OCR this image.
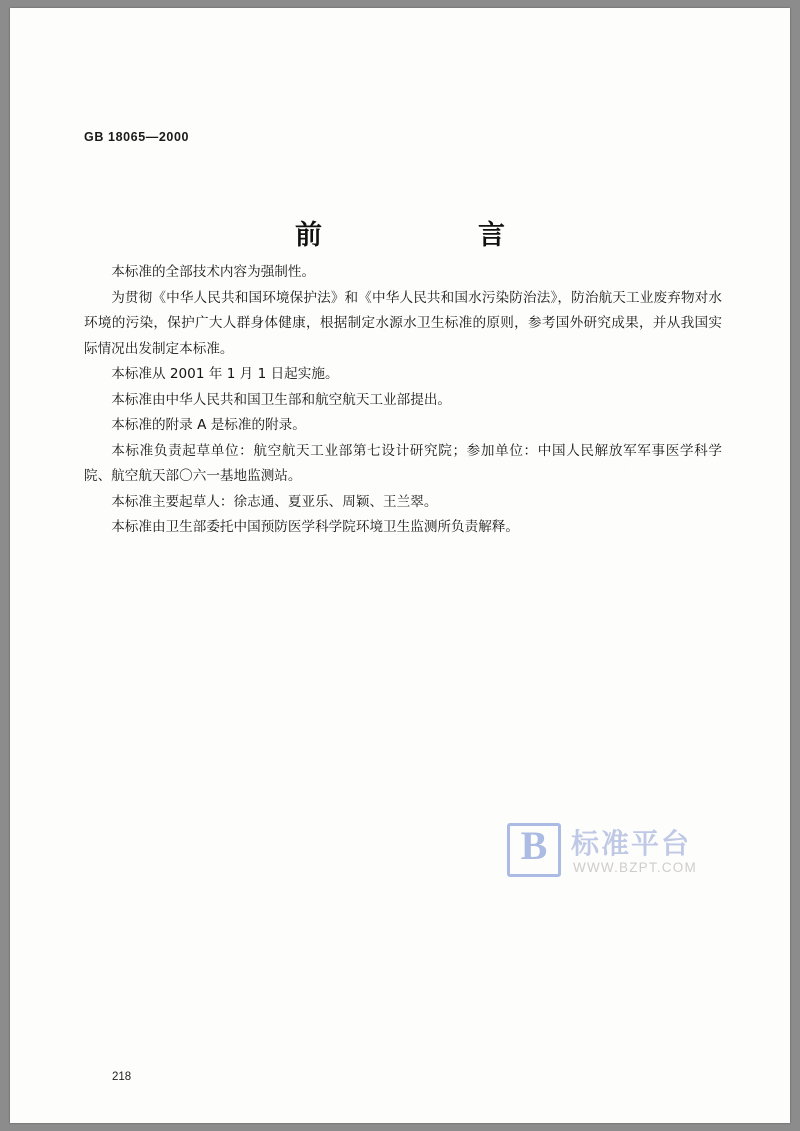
GB 18065—2000
前　　言

本标准的全部技术内容为强制性。

为贯彻《中华人民共和国环境保护法》和《中华人民共和国水污染防治法》，防治航天工业废弃物对水环境的污染，保护广大人群身体健康，根据制定水源水卫生标准的原则，参考国外研究成果，并从我国实际情况出发制定本标准。

本标准从 2001 年 1 月 1 日起实施。

本标准由中华人民共和国卫生部和航空航天工业部提出。

本标准的附录 A 是标准的附录。

本标准负责起草单位：航空航天工业部第七设计研究院；参加单位：中国人民解放军军事医学科学院、航空航天部〇六一基地监测站。

本标准主要起草人：徐志通、夏亚乐、周颖、王兰翠。

本标准由卫生部委托中国预防医学科学院环境卫生监测所负责解释。

B 标准平台
WWW.BZPT.COM
218
